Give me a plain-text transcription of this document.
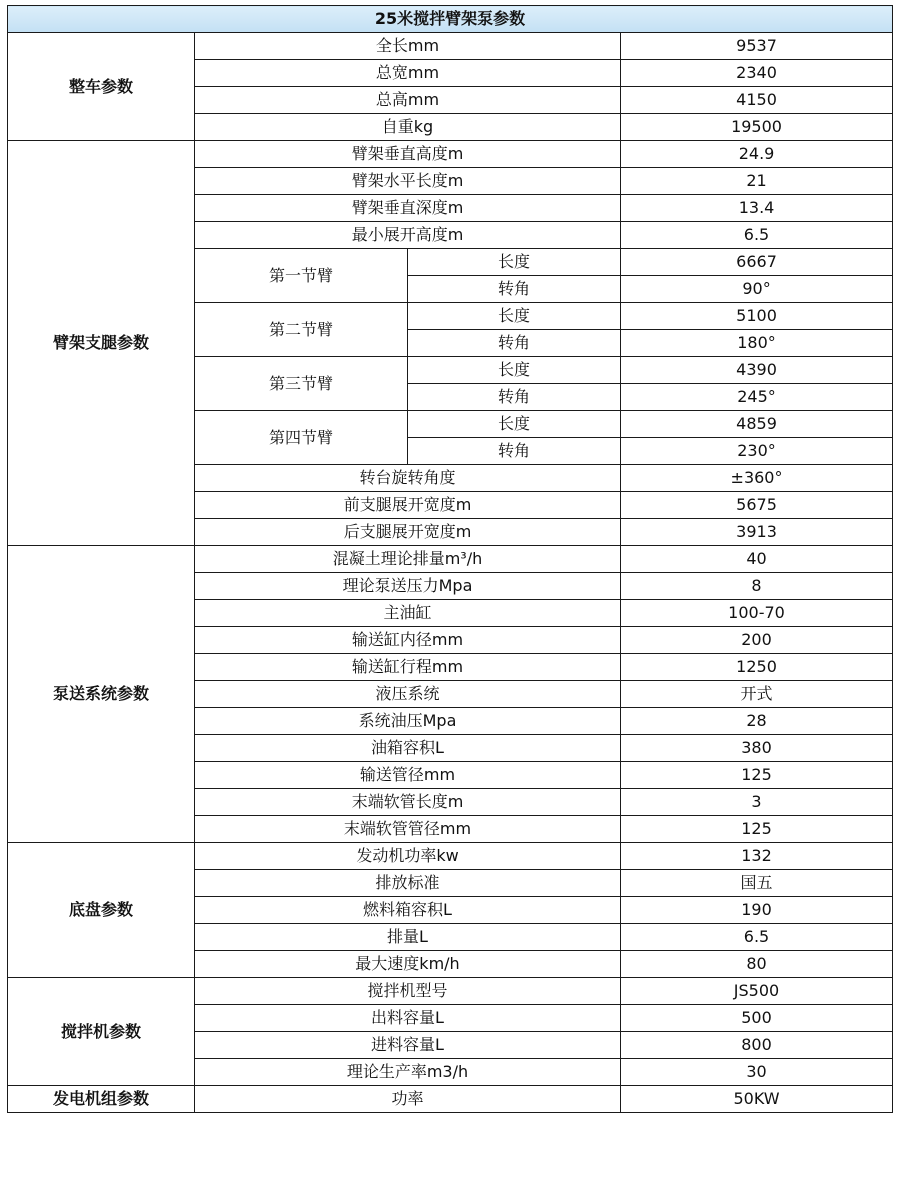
25米搅拌臂架泵参数			
整车参数	全长mm		9537
	总宽mm		2340
	总高mm		4150
	自重kg		19500
臂架支腿参数	臂架垂直高度m		24.9
	臂架水平长度m		21
	臂架垂直深度m		13.4
	最小展开高度m		6.5
	第一节臂	长度	6667
		转角	90°
	第二节臂	长度	5100
		转角	180°
	第三节臂	长度	4390
		转角	245°
	第四节臂	长度	4859
		转角	230°
	转台旋转角度		±360°
	前支腿展开宽度m		5675
	后支腿展开宽度m		3913
泵送系统参数	混凝土理论排量m³/h		40
	理论泵送压力Mpa		8
	主油缸		100-70
	输送缸内径mm		200
	输送缸行程mm		1250
	液压系统		开式
	系统油压Mpa		28
	油箱容积L		380
	输送管径mm		125
	末端软管长度m		3
	末端软管管径mm		125
底盘参数	发动机功率kw		132
	排放标准		国五
	燃料箱容积L		190
	排量L		6.5
	最大速度km/h		80
搅拌机参数	搅拌机型号		JS500
	出料容量L		500
	进料容量L		800
	理论生产率m3/h		30
发电机组参数	功率		50KW
